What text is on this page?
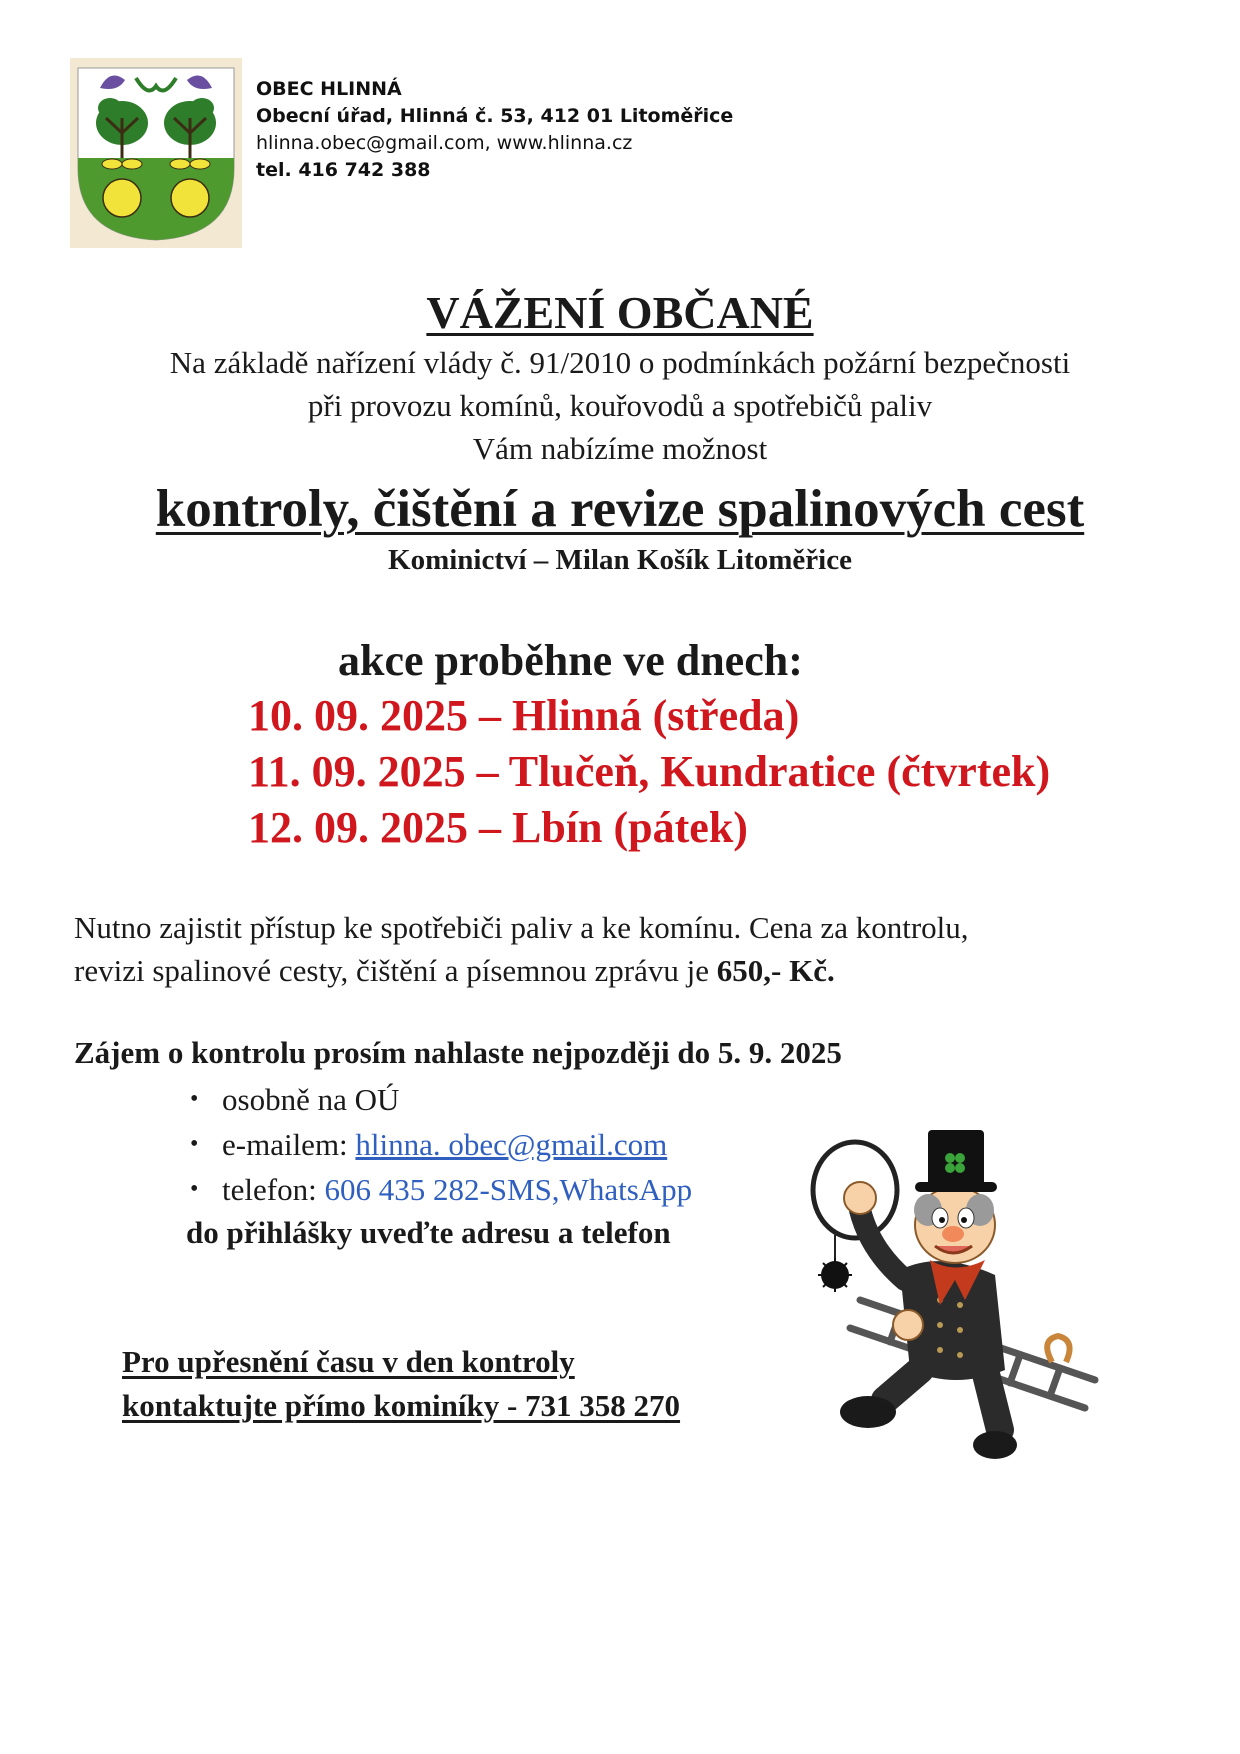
OBEC HLINNÁ
Obecní úřad, Hlinná č. 53, 412 01 Litoměřice
hlinna.obec@gmail.com, www.hlinna.cz
tel. 416 742 388
VÁŽENÍ OBČANÉ
Na základě nařízení vlády č. 91/2010 o podmínkách požární bezpečnosti
při provozu komínů, kouřovodů a spotřebičů paliv
Vám nabízíme možnost
kontroly, čištění a revize spalinových cest
Kominictví – Milan Košík Litoměřice
akce proběhne ve dnech:
10. 09. 2025 – Hlinná (středa)
11. 09. 2025 – Tlučeň, Kundratice (čtvrtek)
12. 09. 2025 – Lbín (pátek)
Nutno zajistit přístup ke spotřebiči paliv a ke komínu. Cena za kontrolu,
revizi spalinové cesty, čištění a písemnou zprávu je 650,- Kč.
Zájem o kontrolu prosím nahlaste nejpozději do 5. 9. 2025
• osobně na OÚ
• e-mailem: hlinna. obec@gmail.com
• telefon: 606 435 282-SMS,WhatsApp
do přihlášky uveďte adresu a telefon
Pro upřesnění času v den kontroly
kontaktujte přímo kominíky - 731 358 270
